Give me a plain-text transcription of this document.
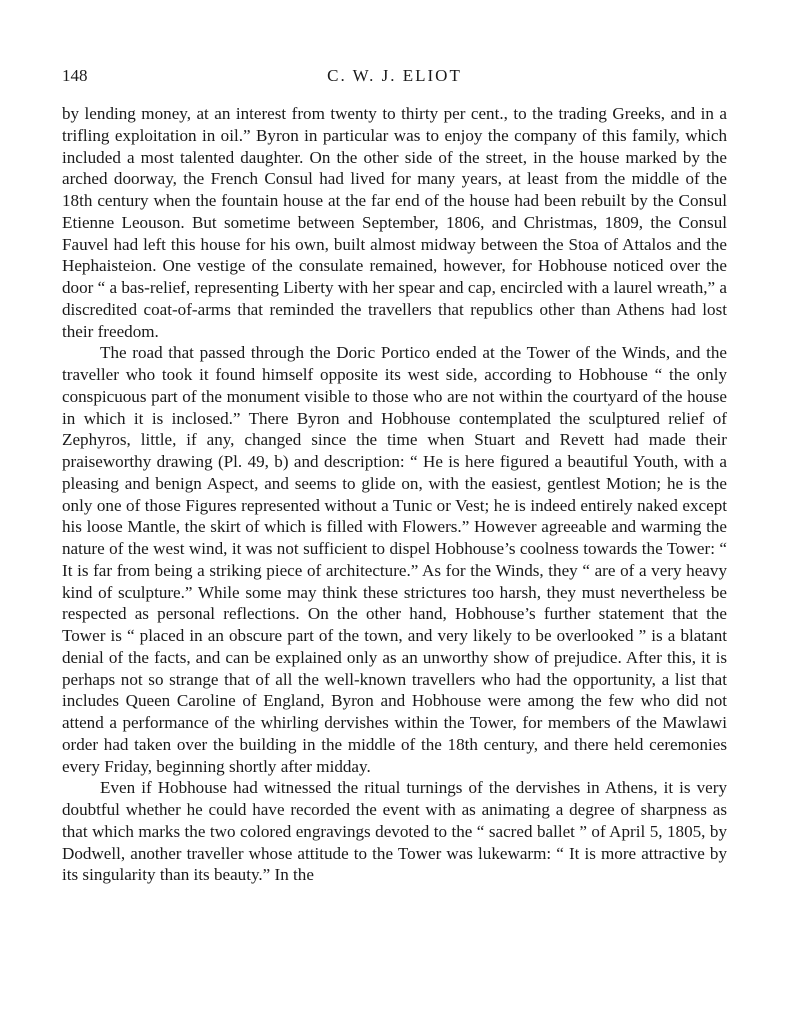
148	C. W. J. ELIOT

by lending money, at an interest from twenty to thirty per cent., to the trading Greeks, and in a trifling exploitation in oil.” Byron in particular was to enjoy the company of this family, which included a most talented daughter. On the other side of the street, in the house marked by the arched doorway, the French Consul had lived for many years, at least from the middle of the 18th century when the fountain house at the far end of the house had been rebuilt by the Consul Etienne Leouson. But sometime between September, 1806, and Christmas, 1809, the Consul Fauvel had left this house for his own, built almost midway between the Stoa of Attalos and the Hephaisteion. One vestige of the consulate remained, however, for Hobhouse noticed over the door “ a bas-relief, representing Liberty with her spear and cap, encircled with a laurel wreath,” a discredited coat-of-arms that reminded the travellers that republics other than Athens had lost their freedom.

The road that passed through the Doric Portico ended at the Tower of the Winds, and the traveller who took it found himself opposite its west side, according to Hobhouse “ the only conspicuous part of the monument visible to those who are not within the courtyard of the house in which it is inclosed.” There Byron and Hobhouse contemplated the sculptured relief of Zephyros, little, if any, changed since the time when Stuart and Revett had made their praiseworthy drawing (Pl. 49, b) and description: “ He is here figured a beautiful Youth, with a pleasing and benign Aspect, and seems to glide on, with the easiest, gentlest Motion; he is the only one of those Figures represented without a Tunic or Vest; he is indeed entirely naked except his loose Mantle, the skirt of which is filled with Flowers.” However agreeable and warming the nature of the west wind, it was not sufficient to dispel Hobhouse’s coolness towards the Tower: “ It is far from being a striking piece of architecture.” As for the Winds, they “ are of a very heavy kind of sculpture.” While some may think these strictures too harsh, they must nevertheless be respected as personal reflections. On the other hand, Hobhouse’s further statement that the Tower is “ placed in an obscure part of the town, and very likely to be overlooked ” is a blatant denial of the facts, and can be explained only as an unworthy show of prejudice. After this, it is perhaps not so strange that of all the well-known travellers who had the opportunity, a list that includes Queen Caroline of England, Byron and Hobhouse were among the few who did not attend a performance of the whirling dervishes within the Tower, for members of the Mawlawi order had taken over the building in the middle of the 18th century, and there held ceremonies every Friday, beginning shortly after midday.

Even if Hobhouse had witnessed the ritual turnings of the dervishes in Athens, it is very doubtful whether he could have recorded the event with as animating a degree of sharpness as that which marks the two colored engravings devoted to the “ sacred ballet ” of April 5, 1805, by Dodwell, another traveller whose attitude to the Tower was lukewarm: “ It is more attractive by its singularity than its beauty.” In the
